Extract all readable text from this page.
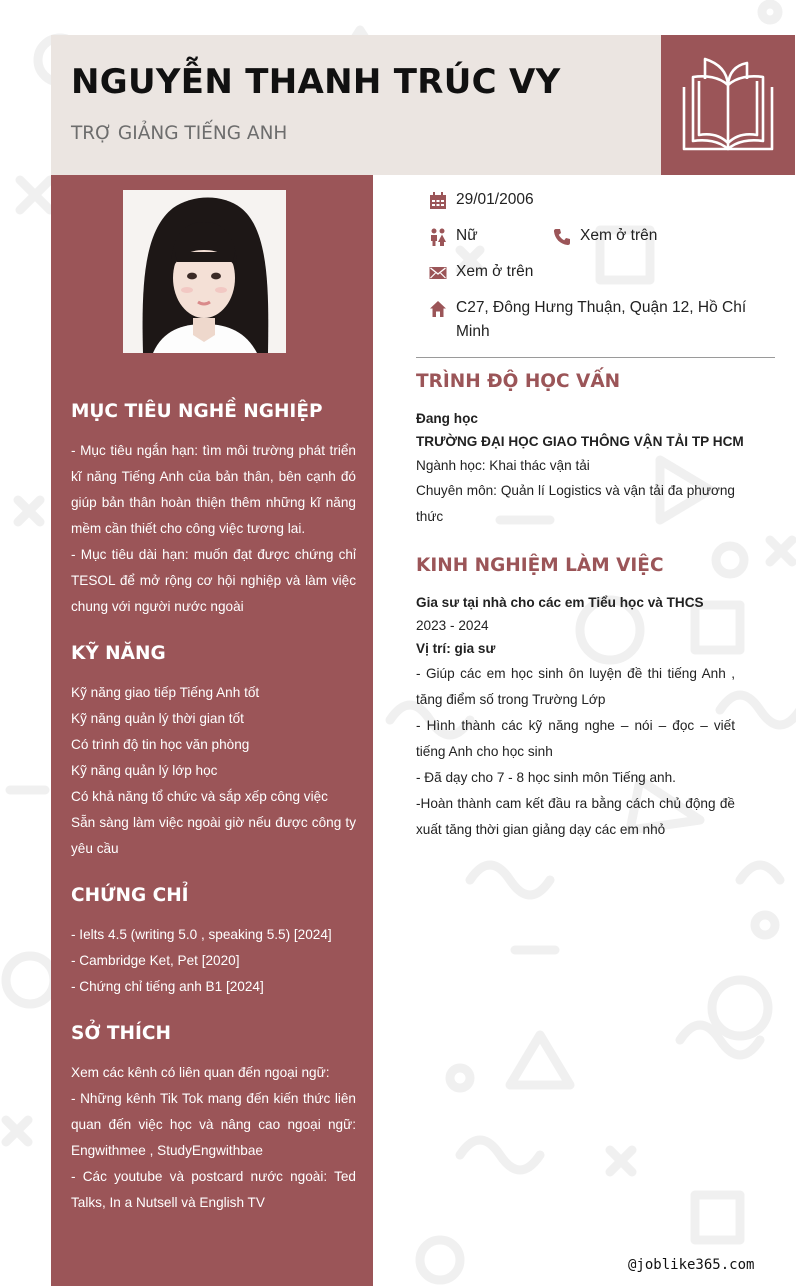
NGUYỄN THANH TRÚC VY

TRỢ GIẢNG TIẾNG ANH

MỤC TIÊU NGHỀ NGHIỆP

- Mục tiêu ngắn hạn: tìm môi trường phát triển kĩ năng Tiếng Anh của bản thân, bên cạnh đó giúp bản thân hoàn thiện thêm những kĩ năng mềm cần thiết cho công việc tương lai.

- Mục tiêu dài hạn: muốn đạt được chứng chỉ TESOL để mở rộng cơ hội nghiệp và làm việc chung với người nước ngoài

KỸ NĂNG

Kỹ năng giao tiếp Tiếng Anh tốt

Kỹ năng quản lý thời gian tốt

Có trình độ tin học văn phòng

Kỹ năng quản lý lớp học

Có khả năng tổ chức và sắp xếp công việc

Sẵn sàng làm việc ngoài giờ nếu được công ty yêu cầu

CHỨNG CHỈ

- Ielts 4.5 (writing 5.0 , speaking 5.5) [2024]

- Cambridge Ket, Pet [2020]

- Chứng chỉ tiếng anh B1 [2024]

SỞ THÍCH

Xem các kênh có liên quan đến ngoại ngữ:

- Những kênh Tik Tok mang đến kiến thức liên quan đến việc học và nâng cao ngoại ngữ: Engwithmee , StudyEngwithbae

- Các youtube và postcard nước ngoài: Ted Talks, In a Nutsell và English TV

29/01/2006
Nữ	Xem ở trên
Xem ở trên
C27, Đông Hưng Thuận, Quận 12, Hồ Chí Minh
TRÌNH ĐỘ HỌC VẤN

Đang học

TRƯỜNG ĐẠI HỌC GIAO THÔNG VẬN TẢI TP HCM

Ngành học: Khai thác vận tải

Chuyên môn: Quản lí Logistics và vận tải đa phương thức

KINH NGHIỆM LÀM VIỆC

Gia sư tại nhà cho các em Tiểu học và THCS

2023 - 2024

Vị trí: gia sư

- Giúp các em học sinh ôn luyện đề thi tiếng Anh , tăng điểm số trong Trường Lớp

- Hình thành các kỹ năng nghe – nói – đọc – viết tiếng Anh cho học sinh

- Đã dạy cho 7 - 8 học sinh môn Tiếng anh.

-Hoàn thành cam kết đầu ra bằng cách chủ động đề xuất tăng thời gian giảng dạy các em nhỏ

@joblike365.com
